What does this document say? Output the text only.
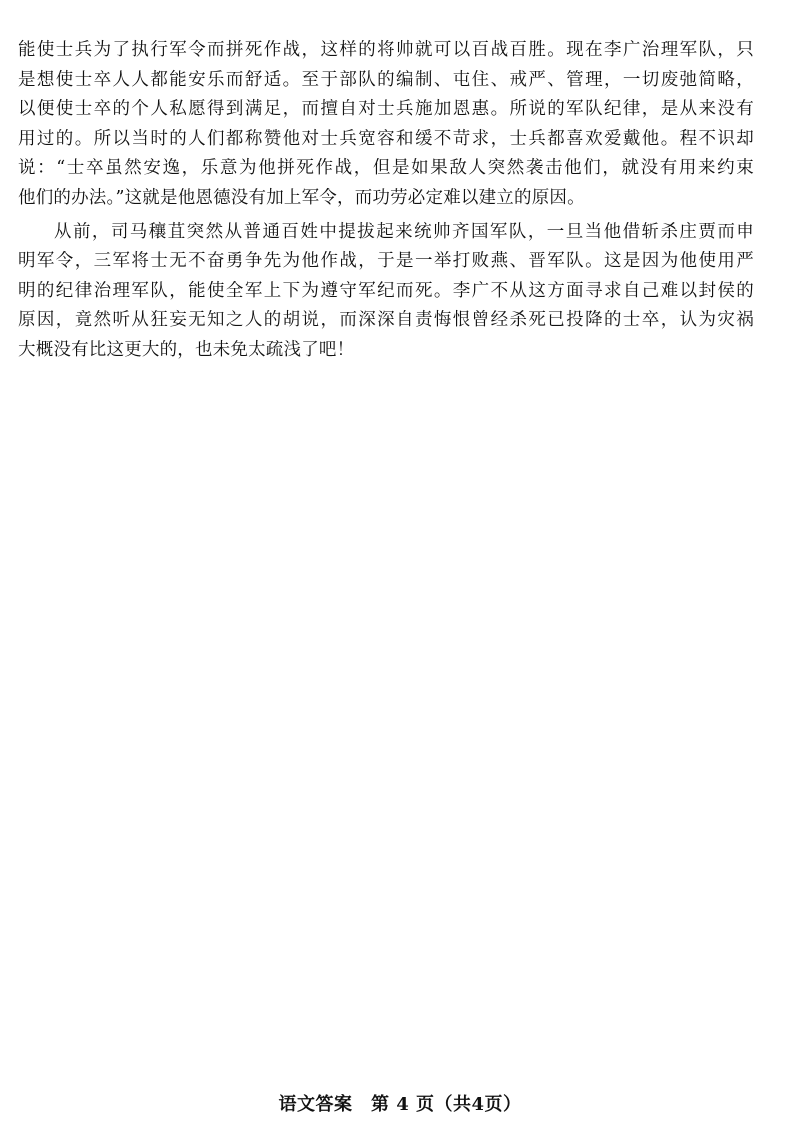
能使士兵为了执行军令而拼死作战，这样的将帅就可以百战百胜。现在李广治理军队，只
是想使士卒人人都能安乐而舒适。至于部队的编制、屯住、戒严、管理，一切废弛简略，
以便使士卒的个人私愿得到满足，而擅自对士兵施加恩惠。所说的军队纪律，是从来没有
用过的。所以当时的人们都称赞他对士兵宽容和缓不苛求，士兵都喜欢爱戴他。程不识却
说：“士卒虽然安逸，乐意为他拼死作战，但是如果敌人突然袭击他们，就没有用来约束
他们的办法。”这就是他恩德没有加上军令，而功劳必定难以建立的原因。
从前，司马穰苴突然从普通百姓中提拔起来统帅齐国军队，一旦当他借斩杀庄贾而申
明军令，三军将士无不奋勇争先为他作战，于是一举打败燕、晋军队。这是因为他使用严
明的纪律治理军队，能使全军上下为遵守军纪而死。李广不从这方面寻求自己难以封侯的
原因，竟然听从狂妄无知之人的胡说，而深深自责悔恨曾经杀死已投降的士卒，认为灾祸
大概没有比这更大的，也未免太疏浅了吧！
语文答案　第 4 页（共4页）
